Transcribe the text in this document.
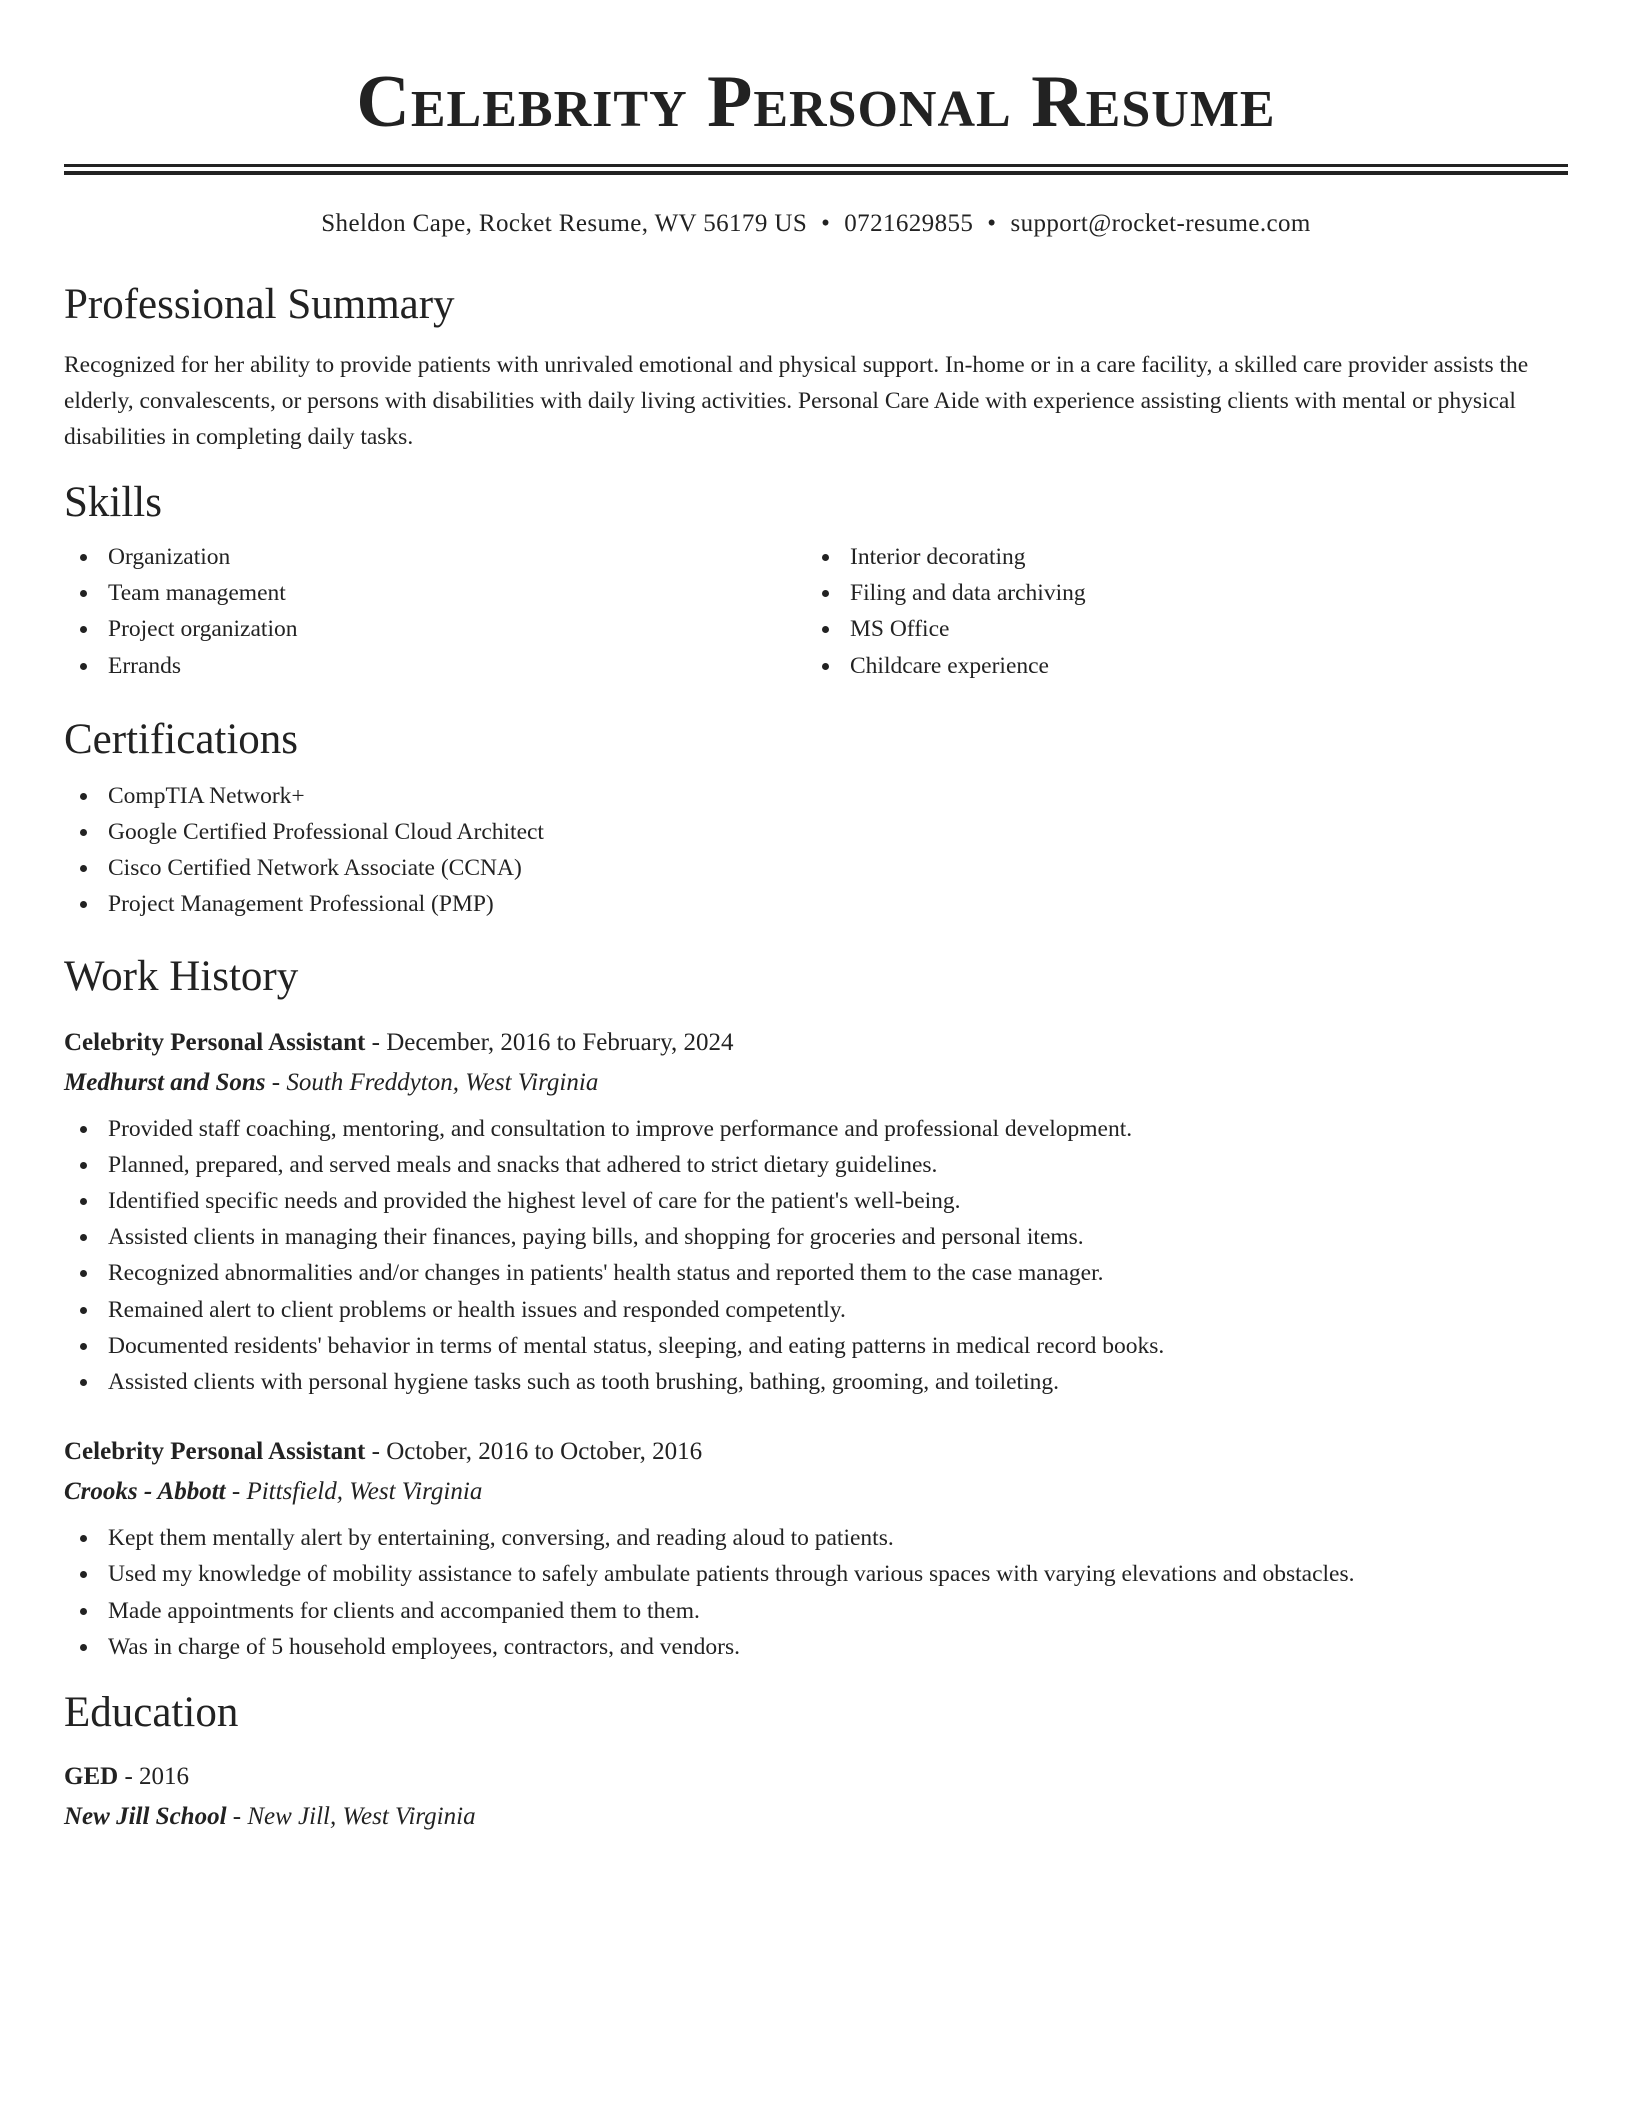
Celebrity Personal Resume
Sheldon Cape, Rocket Resume, WV 56179 US • 0721629855 • support@rocket-resume.com
Professional Summary
Recognized for her ability to provide patients with unrivaled emotional and physical support. In-home or in a care facility, a skilled care provider assists the elderly, convalescents, or persons with disabilities with daily living activities. Personal Care Aide with experience assisting clients with mental or physical disabilities in completing daily tasks.
Skills
Organization
Team management
Project organization
Errands
Interior decorating
Filing and data archiving
MS Office
Childcare experience
Certifications
CompTIA Network+
Google Certified Professional Cloud Architect
Cisco Certified Network Associate (CCNA)
Project Management Professional (PMP)
Work History
Celebrity Personal Assistant - December, 2016 to February, 2024
Medhurst and Sons - South Freddyton, West Virginia
Provided staff coaching, mentoring, and consultation to improve performance and professional development.
Planned, prepared, and served meals and snacks that adhered to strict dietary guidelines.
Identified specific needs and provided the highest level of care for the patient's well-being.
Assisted clients in managing their finances, paying bills, and shopping for groceries and personal items.
Recognized abnormalities and/or changes in patients' health status and reported them to the case manager.
Remained alert to client problems or health issues and responded competently.
Documented residents' behavior in terms of mental status, sleeping, and eating patterns in medical record books.
Assisted clients with personal hygiene tasks such as tooth brushing, bathing, grooming, and toileting.
Celebrity Personal Assistant - October, 2016 to October, 2016
Crooks - Abbott - Pittsfield, West Virginia
Kept them mentally alert by entertaining, conversing, and reading aloud to patients.
Used my knowledge of mobility assistance to safely ambulate patients through various spaces with varying elevations and obstacles.
Made appointments for clients and accompanied them to them.
Was in charge of 5 household employees, contractors, and vendors.
Education
GED - 2016
New Jill School - New Jill, West Virginia
